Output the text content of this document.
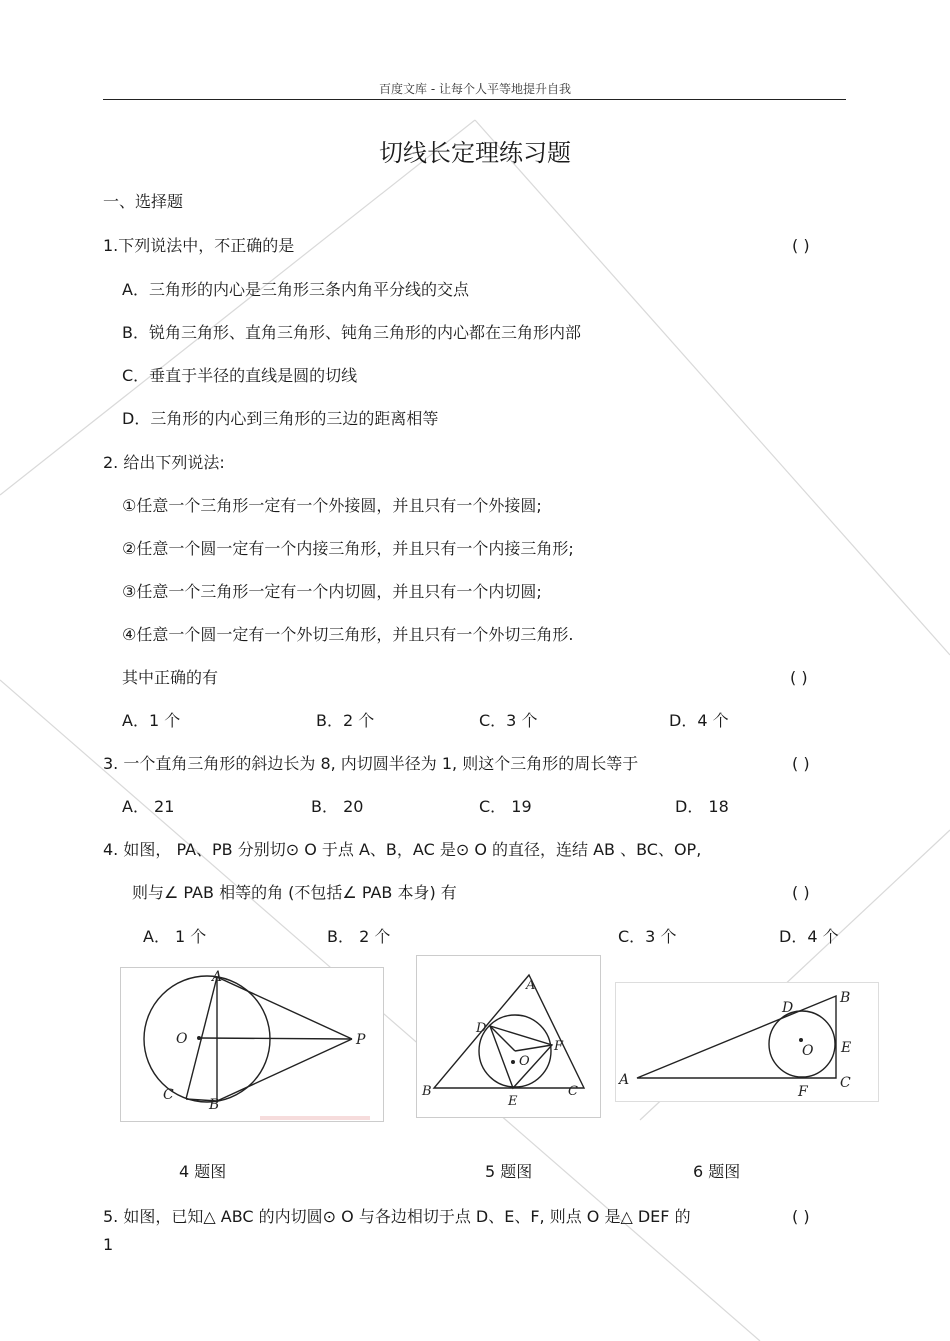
百度文库 - 让每个人平等地提升自我
切线长定理练习题
一、选择题
1.下列说法中，不正确的是	( )
A．三角形的内心是三角形三条内角平分线的交点
B．锐角三角形、直角三角形、钝角三角形的内心都在三角形内部
C．垂直于半径的直线是圆的切线
D．三角形的内心到三角形的三边的距离相等
2. 给出下列说法:
①任意一个三角形一定有一个外接圆，并且只有一个外接圆;
②任意一个圆一定有一个内接三角形，并且只有一个内接三角形;
③任意一个三角形一定有一个内切圆，并且只有一个内切圆;
④任意一个圆一定有一个外切三角形，并且只有一个外切三角形.
其中正确的有	( )
A．1 个	B．2 个	C．3 个	D．4 个
3. 一个直角三角形的斜边长为 8, 内切圆半径为 1, 则这个三角形的周长等于	( )
A． 21	B． 20	C． 19	D． 18
4. 如图， PA、PB 分别切⊙ O 于点 A、B，AC 是⊙ O 的直径，连结 AB 、BC、OP,
则与∠ PAB 相等的角 (不包括∠ PAB 本身) 有	( )
A． 1 个	B． 2 个	C．3 个	D．4 个
A
O	P
C
B
A
D
F
O
B
E
C
D
B
E
O
A
F
C
4 题图	5 题图	6 题图
5. 如图，已知△ ABC 的内切圆⊙ O 与各边相切于点 D、E、F, 则点 O 是△ DEF 的	( )
1
